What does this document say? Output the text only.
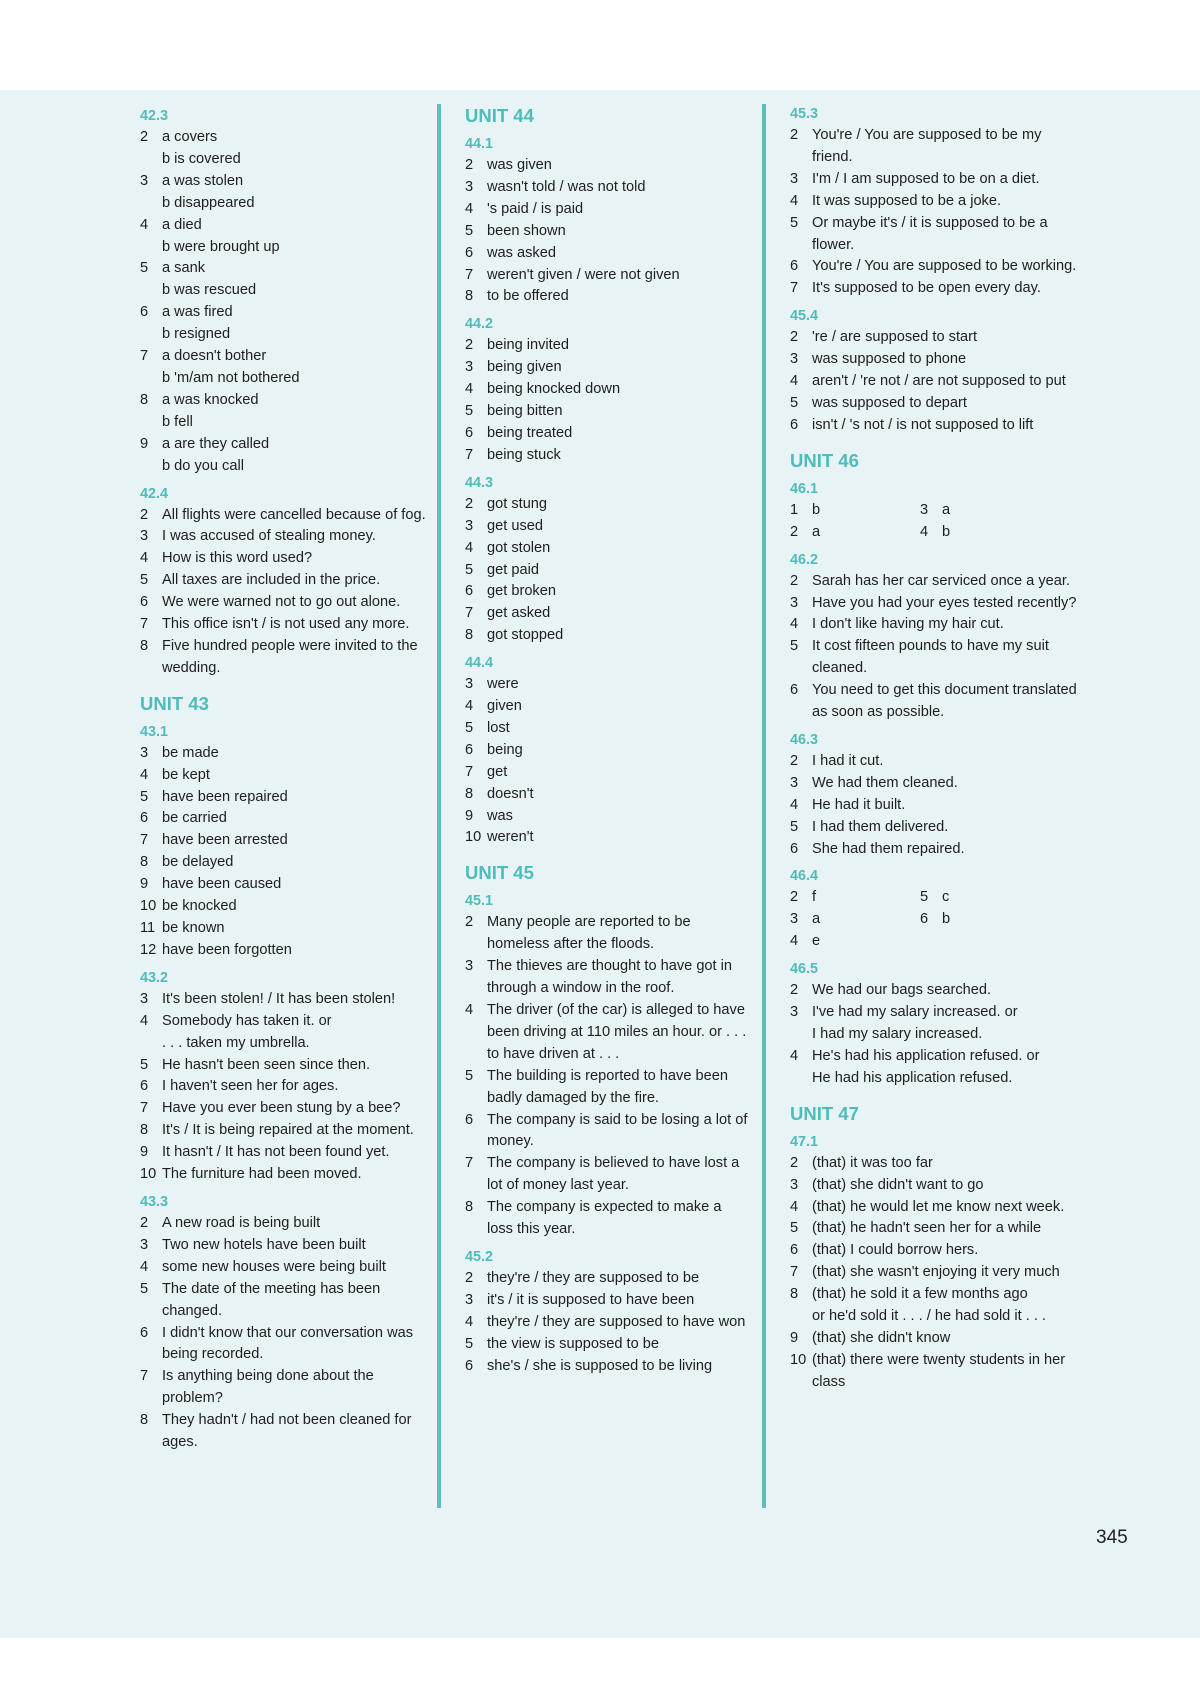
42.3
2 a covers
b is covered
3 a was stolen
b disappeared
4 a died
b were brought up
5 a sank
b was rescued
6 a was fired
b resigned
7 a doesn't bother
b 'm/am not bothered
8 a was knocked
b fell
9 a are they called
b do you call
42.4
2 All flights were cancelled because of fog.
3 I was accused of stealing money.
4 How is this word used?
5 All taxes are included in the price.
6 We were warned not to go out alone.
7 This office isn't / is not used any more.
8 Five hundred people were invited to the wedding.
UNIT 43
43.1
3 be made
4 be kept
5 have been repaired
6 be carried
7 have been arrested
8 be delayed
9 have been caused
10 be knocked
11 be known
12 have been forgotten
43.2
3 It's been stolen! / It has been stolen!
4 Somebody has taken it. or
. . . taken my umbrella.
5 He hasn't been seen since then.
6 I haven't seen her for ages.
7 Have you ever been stung by a bee?
8 It's / It is being repaired at the moment.
9 It hasn't / It has not been found yet.
10 The furniture had been moved.
43.3
2 A new road is being built
3 Two new hotels have been built
4 some new houses were being built
5 The date of the meeting has been changed.
6 I didn't know that our conversation was being recorded.
7 Is anything being done about the problem?
8 They hadn't / had not been cleaned for ages.
UNIT 44
44.1
2 was given
3 wasn't told / was not told
4 's paid / is paid
5 been shown
6 was asked
7 weren't given / were not given
8 to be offered
44.2
2 being invited
3 being given
4 being knocked down
5 being bitten
6 being treated
7 being stuck
44.3
2 got stung
3 get used
4 got stolen
5 get paid
6 get broken
7 get asked
8 got stopped
44.4
3 were
4 given
5 lost
6 being
7 get
8 doesn't
9 was
10 weren't
UNIT 45
45.1
2 Many people are reported to be homeless after the floods.
3 The thieves are thought to have got in through a window in the roof.
4 The driver (of the car) is alleged to have been driving at 110 miles an hour. or . . . to have driven at . . .
5 The building is reported to have been badly damaged by the fire.
6 The company is said to be losing a lot of money.
7 The company is believed to have lost a lot of money last year.
8 The company is expected to make a loss this year.
45.2
2 they're / they are supposed to be
3 it's / it is supposed to have been
4 they're / they are supposed to have won
5 the view is supposed to be
6 she's / she is supposed to be living
45.3
2 You're / You are supposed to be my friend.
3 I'm / I am supposed to be on a diet.
4 It was supposed to be a joke.
5 Or maybe it's / it is supposed to be a flower.
6 You're / You are supposed to be working.
7 It's supposed to be open every day.
45.4
2 're / are supposed to start
3 was supposed to phone
4 aren't / 're not / are not supposed to put
5 was supposed to depart
6 isn't / 's not / is not supposed to lift
UNIT 46
46.1
1 b	3 a
2 a	4 b
46.2
2 Sarah has her car serviced once a year.
3 Have you had your eyes tested recently?
4 I don't like having my hair cut.
5 It cost fifteen pounds to have my suit cleaned.
6 You need to get this document translated as soon as possible.
46.3
2 I had it cut.
3 We had them cleaned.
4 He had it built.
5 I had them delivered.
6 She had them repaired.
46.4
2 f	5 c
3 a	6 b
4 e
46.5
2 We had our bags searched.
3 I've had my salary increased. or
I had my salary increased.
4 He's had his application refused. or
He had his application refused.
UNIT 47
47.1
2 (that) it was too far
3 (that) she didn't want to go
4 (that) he would let me know next week.
5 (that) he hadn't seen her for a while
6 (that) I could borrow hers.
7 (that) she wasn't enjoying it very much
8 (that) he sold it a few months ago
or he'd sold it . . . / he had sold it . . .
9 (that) she didn't know
10 (that) there were twenty students in her class
345
